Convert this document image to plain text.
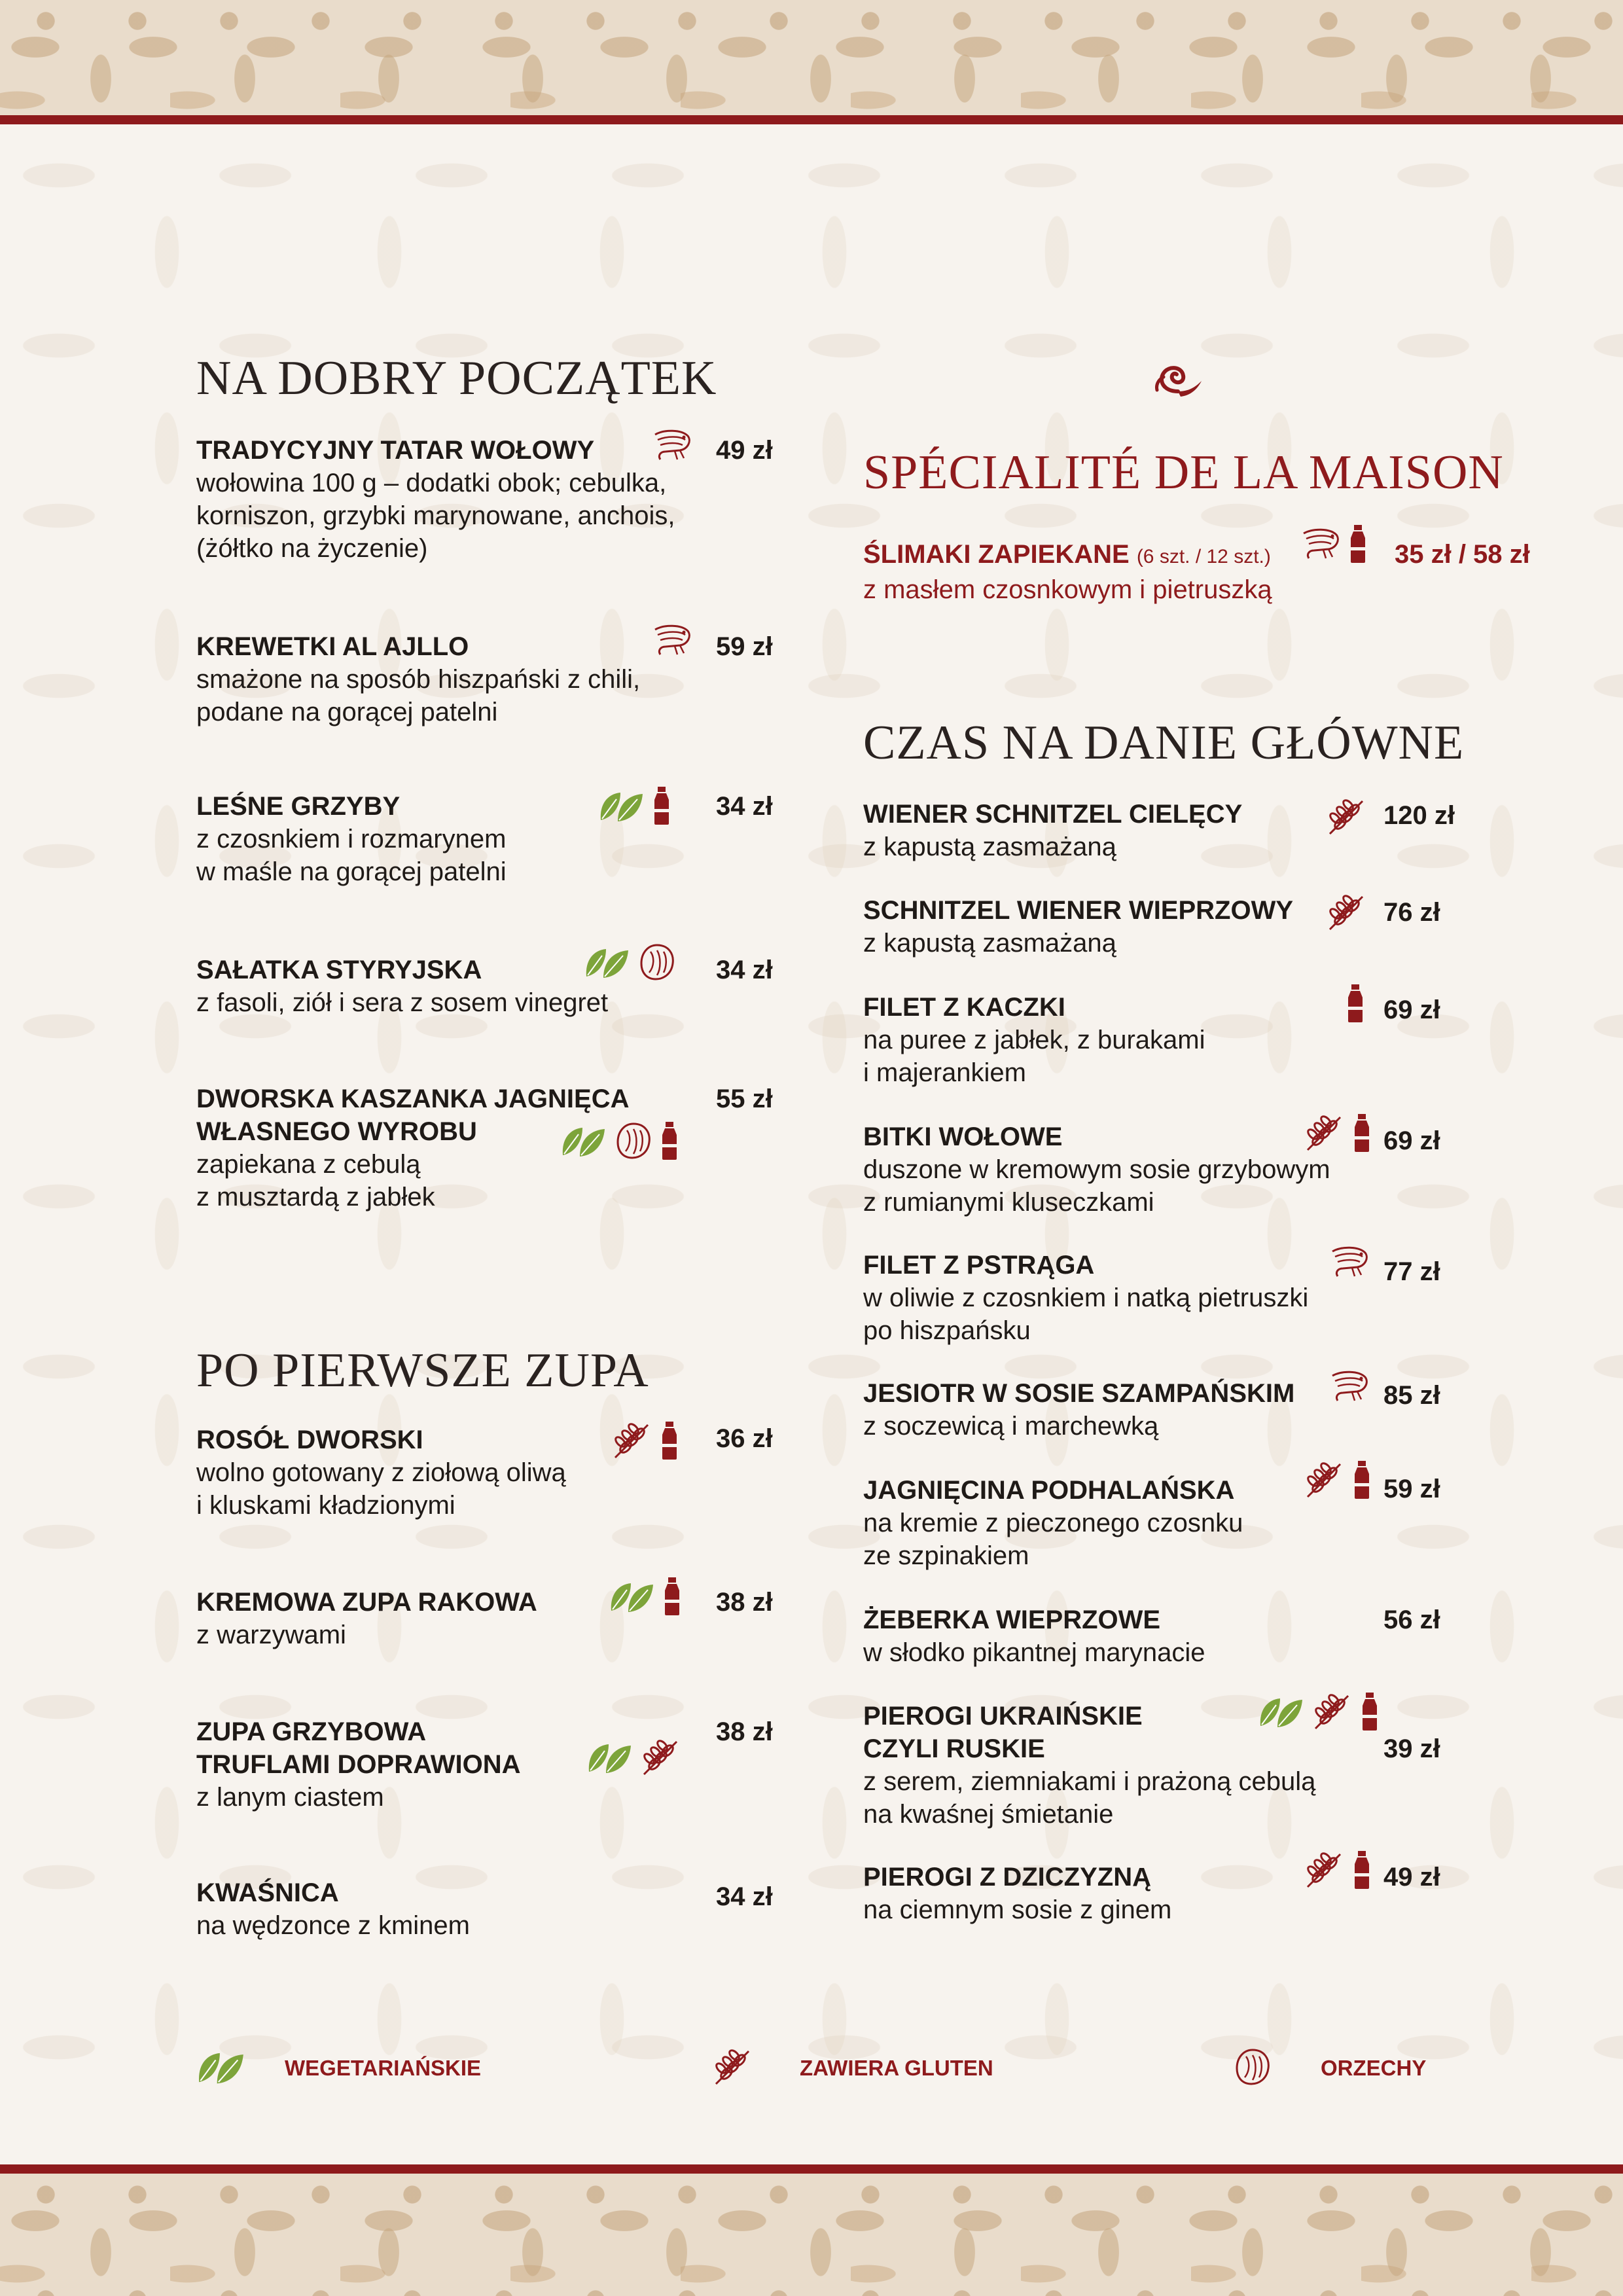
NA DOBRY POCZĄTEK

TRADYCYJNY TATAR WOŁOWY

wołowina 100 g – dodatki obok; cebulka,

korniszon, grzybki marynowane, anchois,

(żółtko na życzenie)

49 zł

KREWETKI AL AJLLO

smażone na sposób hiszpański z chili,

podane na gorącej patelni

59 zł

LEŚNE GRZYBY

z czosnkiem i rozmarynem

w maśle na gorącej patelni

34 zł

SAŁATKA STYRYJSKA

z fasoli, ziół i sera z sosem vinegret

34 zł

DWORSKA KASZANKA JAGNIĘCA

WŁASNEGO WYROBU

zapiekana z cebulą

z musztardą z jabłek

55 zł
PO PIERWSZE ZUPA

ROSÓŁ DWORSKI

wolno gotowany z ziołową oliwą

i kluskami kładzionymi

36 zł

KREMOWA ZUPA RAKOWA

z warzywami

38 zł

ZUPA GRZYBOWA

TRUFLAMI DOPRAWIONA

z lanym ciastem

38 zł

KWAŚNICA

na wędzonce z kminem

34 zł
SPÉCIALITÉ DE LA MAISON

ŚLIMAKI ZAPIEKANE (6 szt. / 12 szt.)

z masłem czosnkowym i pietruszką

35 zł / 58 zł
CZAS NA DANIE GŁÓWNE

WIENER SCHNITZEL CIELĘCY

z kapustą zasmażaną

120 zł

SCHNITZEL WIENER WIEPRZOWY

z kapustą zasmażaną

76 zł

FILET Z KACZKI

na puree z jabłek, z burakami

i majerankiem

69 zł

BITKI WOŁOWE

duszone w kremowym sosie grzybowym

z rumianymi kluseczkami

69 zł

FILET Z PSTRĄGA

w oliwie z czosnkiem i natką pietruszki

po hiszpańsku

77 zł

JESIOTR W SOSIE SZAMPAŃSKIM

z soczewicą i marchewką

85 zł

JAGNIĘCINA PODHALAŃSKA

na kremie z pieczonego czosnku

ze szpinakiem

59 zł

ŻEBERKA WIEPRZOWE

w słodko pikantnej marynacie

56 zł

PIEROGI UKRAIŃSKIE

CZYLI RUSKIE

z serem, ziemniakami i prażoną cebulą

na kwaśnej śmietanie

39 zł

PIEROGI Z DZICZYZNĄ

na ciemnym sosie z ginem

49 zł
WEGETARIAŃSKIE	ZAWIERA GLUTEN	ORZECHY
